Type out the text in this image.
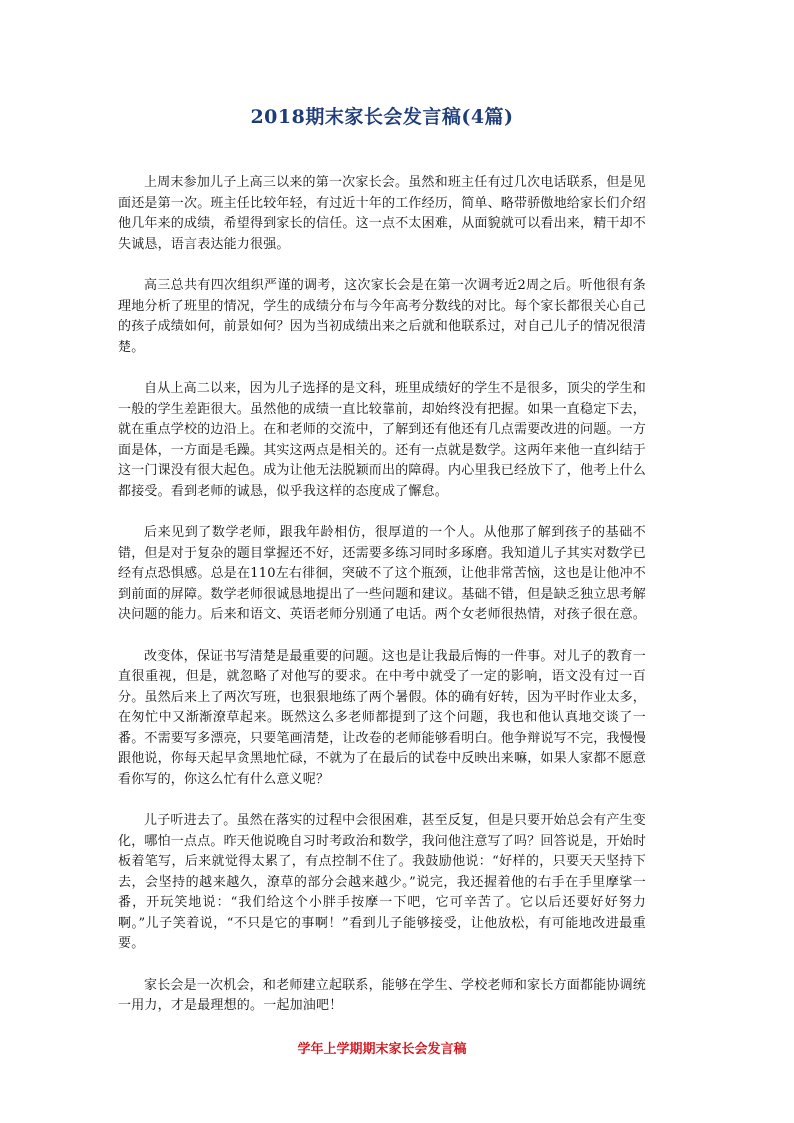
2018期末家长会发言稿(4篇)

上周末参加儿子上高三以来的第一次家长会。虽然和班主任有过几次电话联系，但是见面还是第一次。班主任比较年轻，有过近十年的工作经历，简单、略带骄傲地给家长们介绍他几年来的成绩，希望得到家长的信任。这一点不太困难，从面貌就可以看出来，精干却不失诚恳，语言表达能力很强。

高三总共有四次组织严谨的调考，这次家长会是在第一次调考近2周之后。听他很有条理地分析了班里的情况，学生的成绩分布与今年高考分数线的对比。每个家长都很关心自己的孩子成绩如何，前景如何？因为当初成绩出来之后就和他联系过，对自己儿子的情况很清楚。

自从上高二以来，因为儿子选择的是文科，班里成绩好的学生不是很多，顶尖的学生和一般的学生差距很大。虽然他的成绩一直比较靠前，却始终没有把握。如果一直稳定下去，就在重点学校的边沿上。在和老师的交流中，了解到还有他还有几点需要改进的问题。一方面是体，一方面是毛躁。其实这两点是相关的。还有一点就是数学。这两年来他一直纠结于这一门课没有很大起色。成为让他无法脱颖而出的障碍。内心里我已经放下了，他考上什么都接受。看到老师的诚恳，似乎我这样的态度成了懈怠。

后来见到了数学老师，跟我年龄相仿，很厚道的一个人。从他那了解到孩子的基础不错，但是对于复杂的题目掌握还不好，还需要多练习同时多琢磨。我知道儿子其实对数学已经有点恐惧感。总是在110左右徘徊，突破不了这个瓶颈，让他非常苦恼，这也是让他冲不到前面的屏障。数学老师很诚恳地提出了一些问题和建议。基础不错，但是缺乏独立思考解决问题的能力。后来和语文、英语老师分别通了电话。两个女老师很热情，对孩子很在意。

改变体，保证书写清楚是最重要的问题。这也是让我最后悔的一件事。对儿子的教育一直很重视，但是，就忽略了对他写的要求。在中考中就受了一定的影响，语文没有过一百分。虽然后来上了两次写班，也狠狠地练了两个暑假。体的确有好转，因为平时作业太多，在匆忙中又渐渐潦草起来。既然这么多老师都提到了这个问题，我也和他认真地交谈了一番。不需要写多漂亮，只要笔画清楚，让改卷的老师能够看明白。他争辩说写不完，我慢慢跟他说，你每天起早贪黑地忙碌，不就为了在最后的试卷中反映出来嘛，如果人家都不愿意看你写的，你这么忙有什么意义呢？

儿子听进去了。虽然在落实的过程中会很困难，甚至反复，但是只要开始总会有产生变化，哪怕一点点。昨天他说晚自习时考政治和数学，我问他注意写了吗？回答说是，开始时板着笔写，后来就觉得太累了，有点控制不住了。我鼓励他说：“好样的，只要天天坚持下去，会坚持的越来越久，潦草的部分会越来越少。”说完，我还握着他的右手在手里摩挲一番，开玩笑地说：“我们给这个小胖手按摩一下吧，它可辛苦了。它以后还要好好努力啊。”儿子笑着说，“不只是它的事啊！”看到儿子能够接受，让他放松，有可能地改进最重要。

家长会是一次机会，和老师建立起联系，能够在学生、学校老师和家长方面都能协调统一用力，才是最理想的。一起加油吧！

学年上学期期末家长会发言稿
